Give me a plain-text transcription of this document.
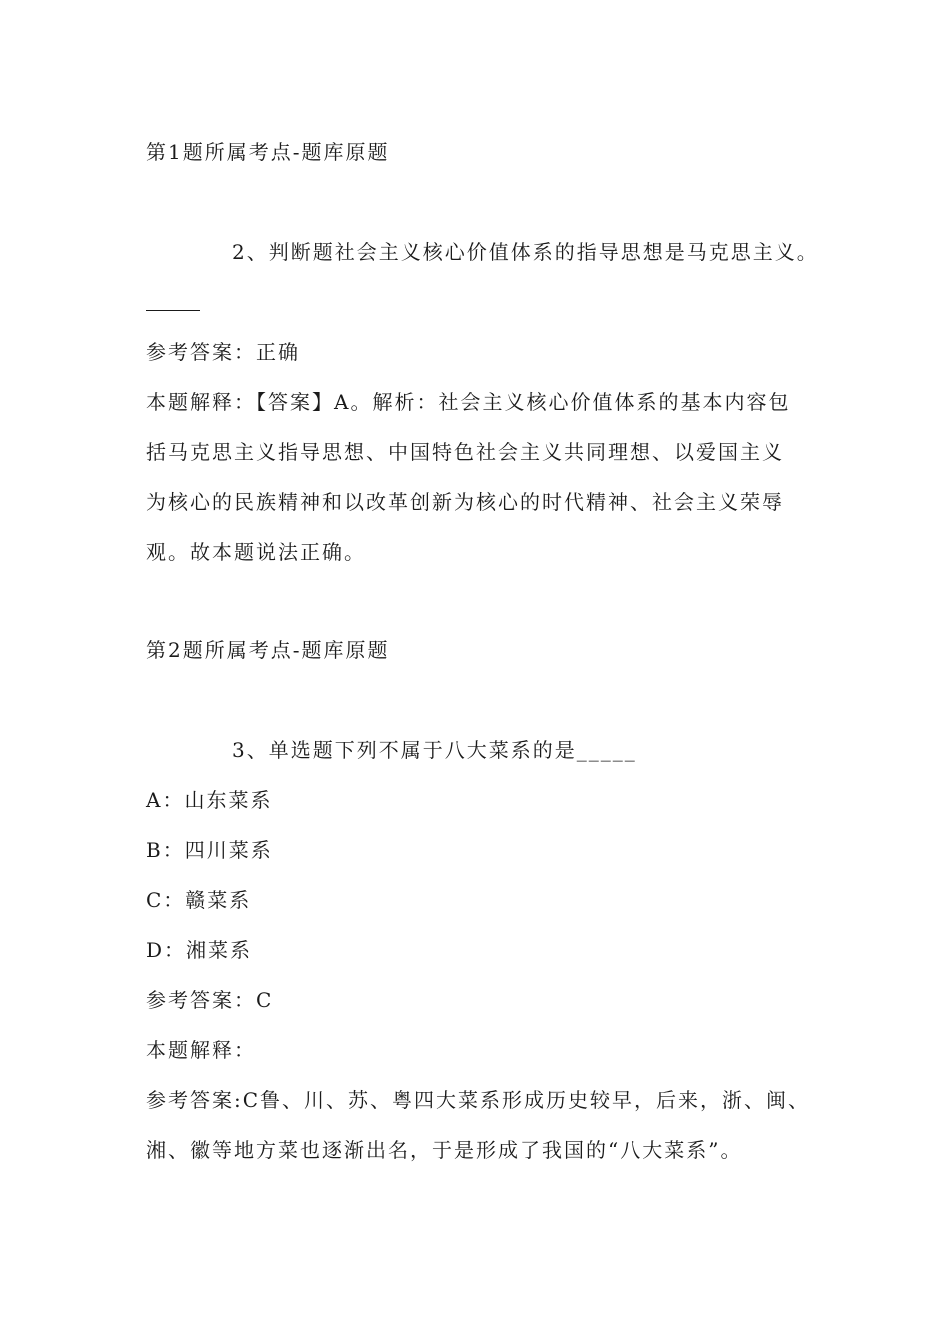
第1题所属考点-题库原题
2、判断题社会主义核心价值体系的指导思想是马克思主义。
参考答案：正确
本题解释：【答案】A。解析：社会主义核心价值体系的基本内容包
括马克思主义指导思想、中国特色社会主义共同理想、以爱国主义
为核心的民族精神和以改革创新为核心的时代精神、社会主义荣辱
观。故本题说法正确。
第2题所属考点-题库原题
3、单选题下列不属于八大菜系的是_____
A：山东菜系
B：四川菜系
C：赣菜系
D：湘菜系
参考答案：C
本题解释：
参考答案:C鲁、川、苏、粤四大菜系形成历史较早，后来，浙、闽、
湘、徽等地方菜也逐渐出名，于是形成了我国的“八大菜系”。
